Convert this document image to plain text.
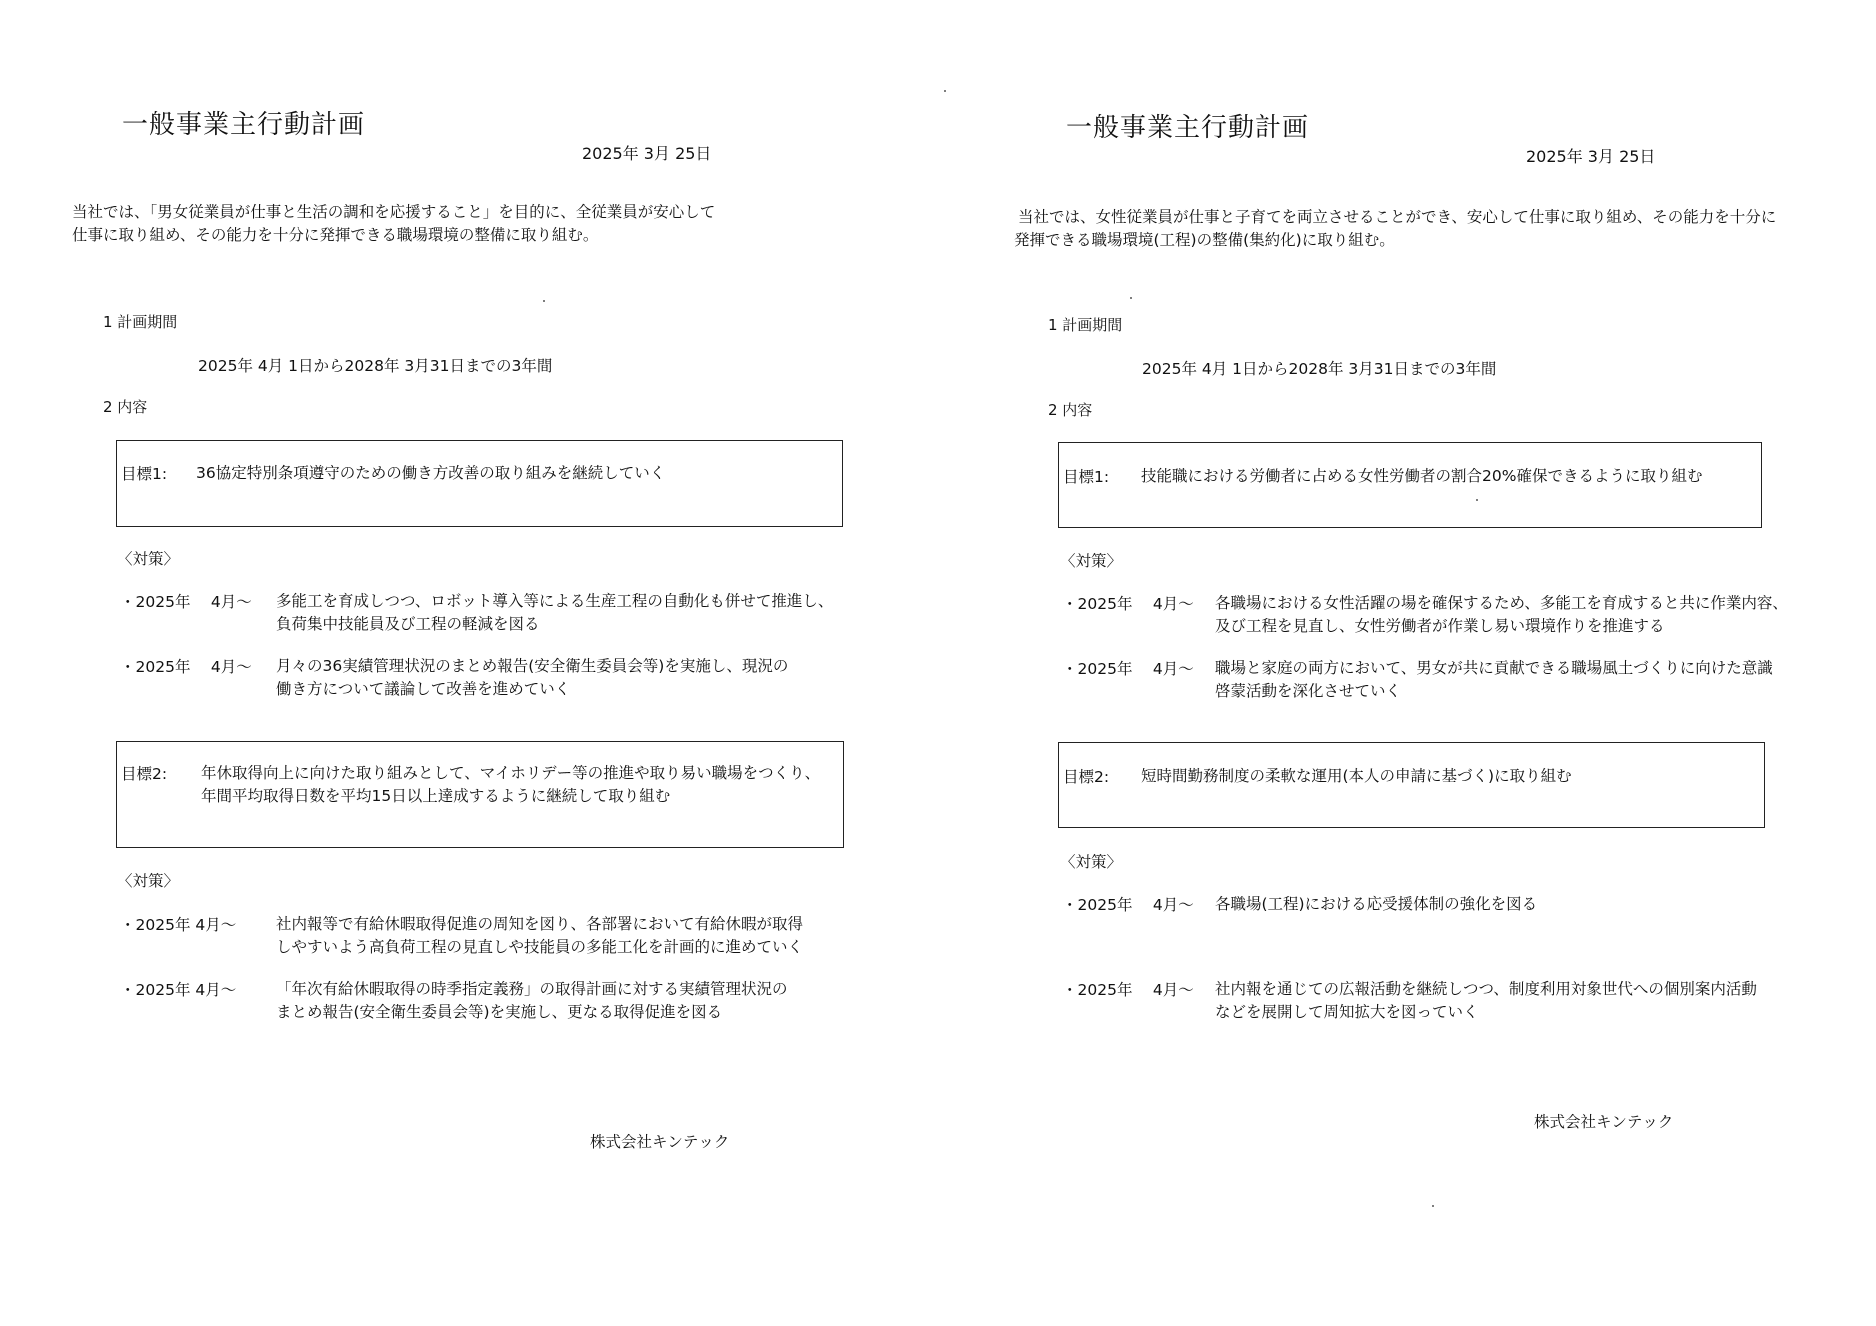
一般事業主行動計画
2025年 3月 25日
当社では、「男女従業員が仕事と生活の調和を応援すること」を目的に、全従業員が安心して
仕事に取り組め、その能力を十分に発揮できる職場環境の整備に取り組む。
1 計画期間
2025年 4月 1日から2028年 3月31日までの3年間
2 内容
目標1: 36協定特別条項遵守のための働き方改善の取り組みを継続していく
〈対策〉
・2025年　 4月～ 多能工を育成しつつ、ロボット導入等による生産工程の自動化も併せて推進し、
負荷集中技能員及び工程の軽減を図る
・2025年　 4月～ 月々の36実績管理状況のまとめ報告(安全衛生委員会等)を実施し、現況の
働き方について議論して改善を進めていく
目標2: 年休取得向上に向けた取り組みとして、マイホリデー等の推進や取り易い職場をつくり、
年間平均取得日数を平均15日以上達成するように継続して取り組む
〈対策〉
・2025年 4月～	社内報等で有給休暇取得促進の周知を図り、各部署において有給休暇が取得
しやすいよう高負荷工程の見直しや技能員の多能工化を計画的に進めていく
・2025年 4月～	「年次有給休暇取得の時季指定義務」の取得計画に対する実績管理状況の
まとめ報告(安全衛生委員会等)を実施し、更なる取得促進を図る
株式会社キンテック
一般事業主行動計画
2025年 3月 25日
当社では、女性従業員が仕事と子育てを両立させることができ、安心して仕事に取り組め、その能力を十分に
発揮できる職場環境(工程)の整備(集約化)に取り組む。
1 計画期間
2025年 4月 1日から2028年 3月31日までの3年間
2 内容
目標1: 技能職における労働者に占める女性労働者の割合20%確保できるように取り組む
〈対策〉
・2025年　 4月～ 各職場における女性活躍の場を確保するため、多能工を育成すると共に作業内容、
及び工程を見直し、女性労働者が作業し易い環境作りを推進する
・2025年　 4月～ 職場と家庭の両方において、男女が共に貢献できる職場風土づくりに向けた意識
啓蒙活動を深化させていく
目標2: 短時間勤務制度の柔軟な運用(本人の申請に基づく)に取り組む
〈対策〉
・2025年　 4月～ 各職場(工程)における応受援体制の強化を図る
・2025年　 4月～ 社内報を通じての広報活動を継続しつつ、制度利用対象世代への個別案内活動
などを展開して周知拡大を図っていく
株式会社キンテック
